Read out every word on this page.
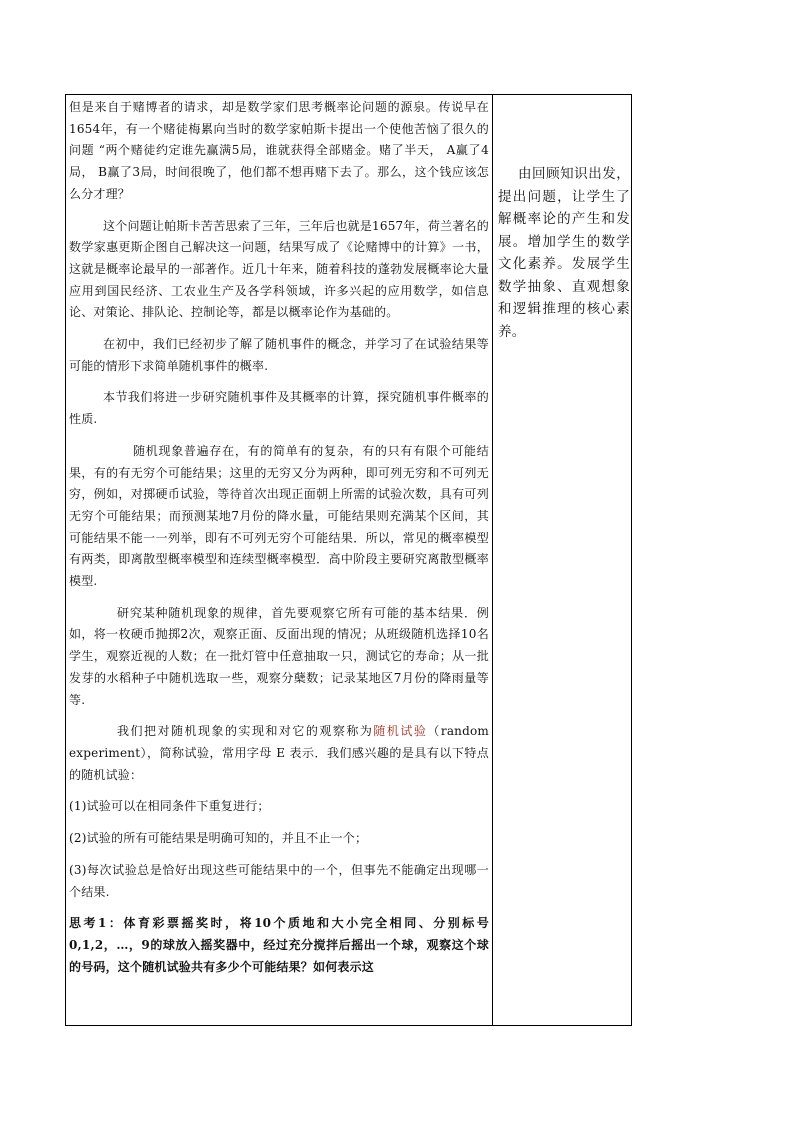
但是来自于赌博者的请求，却是数学家们思考概率论问题的源泉。传说早在1654年，有一个赌徒梅累向当时的数学家帕斯卡提出一个使他苦恼了很久的问题 “两个赌徒约定谁先赢满5局，谁就获得全部赌金。赌了半天， A赢了4局， B赢了3局，时间很晚了，他们都不想再赌下去了。那么，这个钱应该怎么分才理？

这个问题让帕斯卡苦苦思索了三年，三年后也就是1657年，荷兰著名的数学家惠更斯企图自己解决这一问题，结果写成了《论赌博中的计算》一书，这就是概率论最早的一部著作。近几十年来，随着科技的蓬勃发展概率论大量应用到国民经济、工农业生产及各学科领域，许多兴起的应用数学，如信息论、对策论、排队论、控制论等，都是以概率论作为基础的。

在初中，我们已经初步了解了随机事件的概念，并学习了在试验结果等可能的情形下求简单随机事件的概率.

本节我们将进一步研究随机事件及其概率的计算，探究随机事件概率的性质.

随机现象普遍存在，有的简单有的复杂，有的只有有限个可能结果，有的有无穷个可能结果；这里的无穷又分为两种，即可列无穷和不可列无穷，例如，对掷硬币试验，等待首次出现正面朝上所需的试验次数，具有可列无穷个可能结果；而预测某地7月份的降水量，可能结果则充满某个区间，其可能结果不能一一列举，即有不可列无穷个可能结果．所以，常见的概率模型有两类，即离散型概率模型和连续型概率模型．高中阶段主要研究离散型概率模型.

研究某种随机现象的规律，首先要观察它所有可能的基本结果．例如，将一枚硬币抛掷2次，观察正面、反面出现的情况；从班级随机选择10名学生，观察近视的人数；在一批灯管中任意抽取一只，测试它的寿命；从一批发芽的水稻种子中随机选取一些，观察分蘖数；记录某地区7月份的降雨量等等.

我们把对随机现象的实现和对它的观察称为随机试验（random experiment），简称试验，常用字母 E 表示．我们感兴趣的是具有以下特点的随机试验：

(1)试验可以在相同条件下重复进行；

(2)试验的所有可能结果是明确可知的，并且不止一个；

(3)每次试验总是恰好出现这些可能结果中的一个，但事先不能确定出现哪一个结果.

思考1：体育彩票摇奖时，将10个质地和大小完全相同、分别标号0,1,2，…，9的球放入摇奖器中，经过充分搅拌后摇出一个球，观察这个球的号码，这个随机试验共有多少个可能结果？如何表示这

由回顾知识出发，提出问题，让学生了解概率论的产生和发展。增加学生的数学文化素养。发展学生数学抽象、直观想象和逻辑推理的核心素养。
